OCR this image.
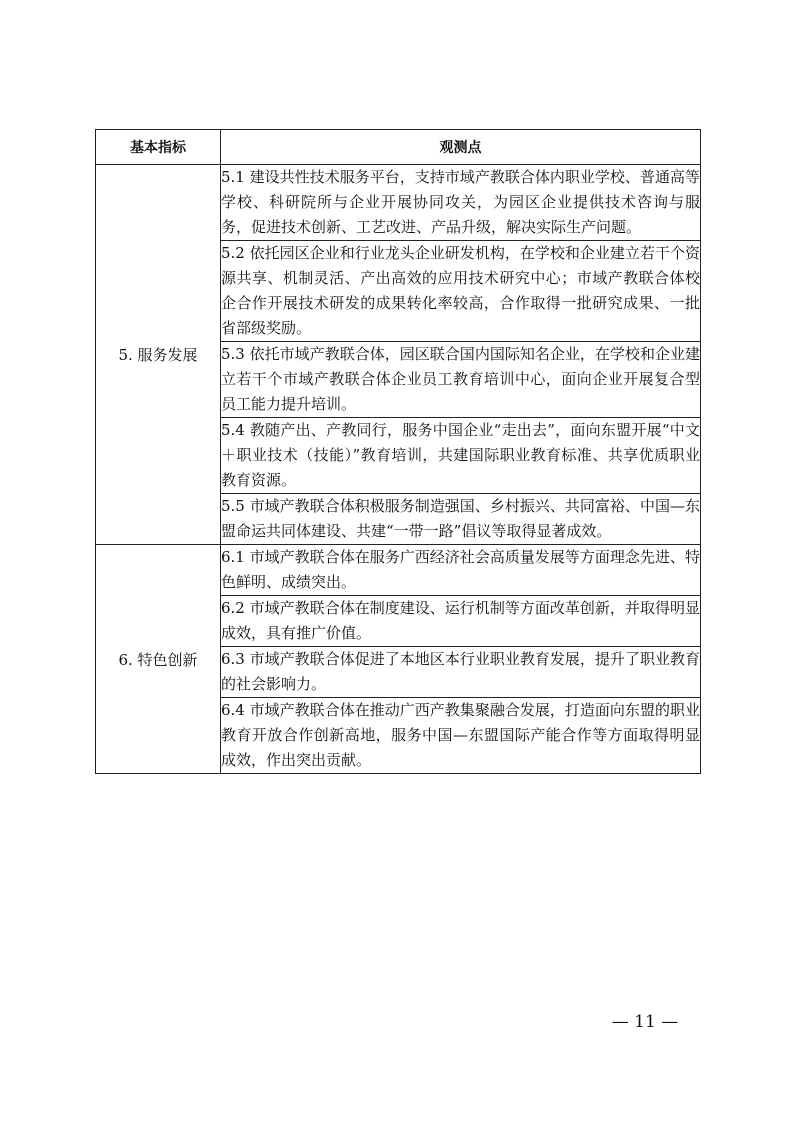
基本指标	观测点
5. 服务发展	5.1 建设共性技术服务平台，支持市域产教联合体内职业学校、普通高等学校、科研院所与企业开展协同攻关，为园区企业提供技术咨询与服务，促进技术创新、工艺改进、产品升级，解决实际生产问题。
	5.2 依托园区企业和行业龙头企业研发机构，在学校和企业建立若干个资源共享、机制灵活、产出高效的应用技术研究中心；市域产教联合体校企合作开展技术研发的成果转化率较高，合作取得一批研究成果、一批省部级奖励。
	5.3 依托市域产教联合体，园区联合国内国际知名企业，在学校和企业建立若干个市域产教联合体企业员工教育培训中心，面向企业开展复合型员工能力提升培训。
	5.4 教随产出、产教同行，服务中国企业“走出去”，面向东盟开展“中文＋职业技术（技能）”教育培训，共建国际职业教育标准、共享优质职业教育资源。
	5.5 市域产教联合体积极服务制造强国、乡村振兴、共同富裕、中国—东盟命运共同体建设、共建“一带一路”倡议等取得显著成效。
6. 特色创新	6.1 市域产教联合体在服务广西经济社会高质量发展等方面理念先进、特色鲜明、成绩突出。
	6.2 市域产教联合体在制度建设、运行机制等方面改革创新，并取得明显成效，具有推广价值。
	6.3 市域产教联合体促进了本地区本行业职业教育发展，提升了职业教育的社会影响力。
	6.4 市域产教联合体在推动广西产教集聚融合发展，打造面向东盟的职业教育开放合作创新高地，服务中国—东盟国际产能合作等方面取得明显成效，作出突出贡献。
— 11 —
